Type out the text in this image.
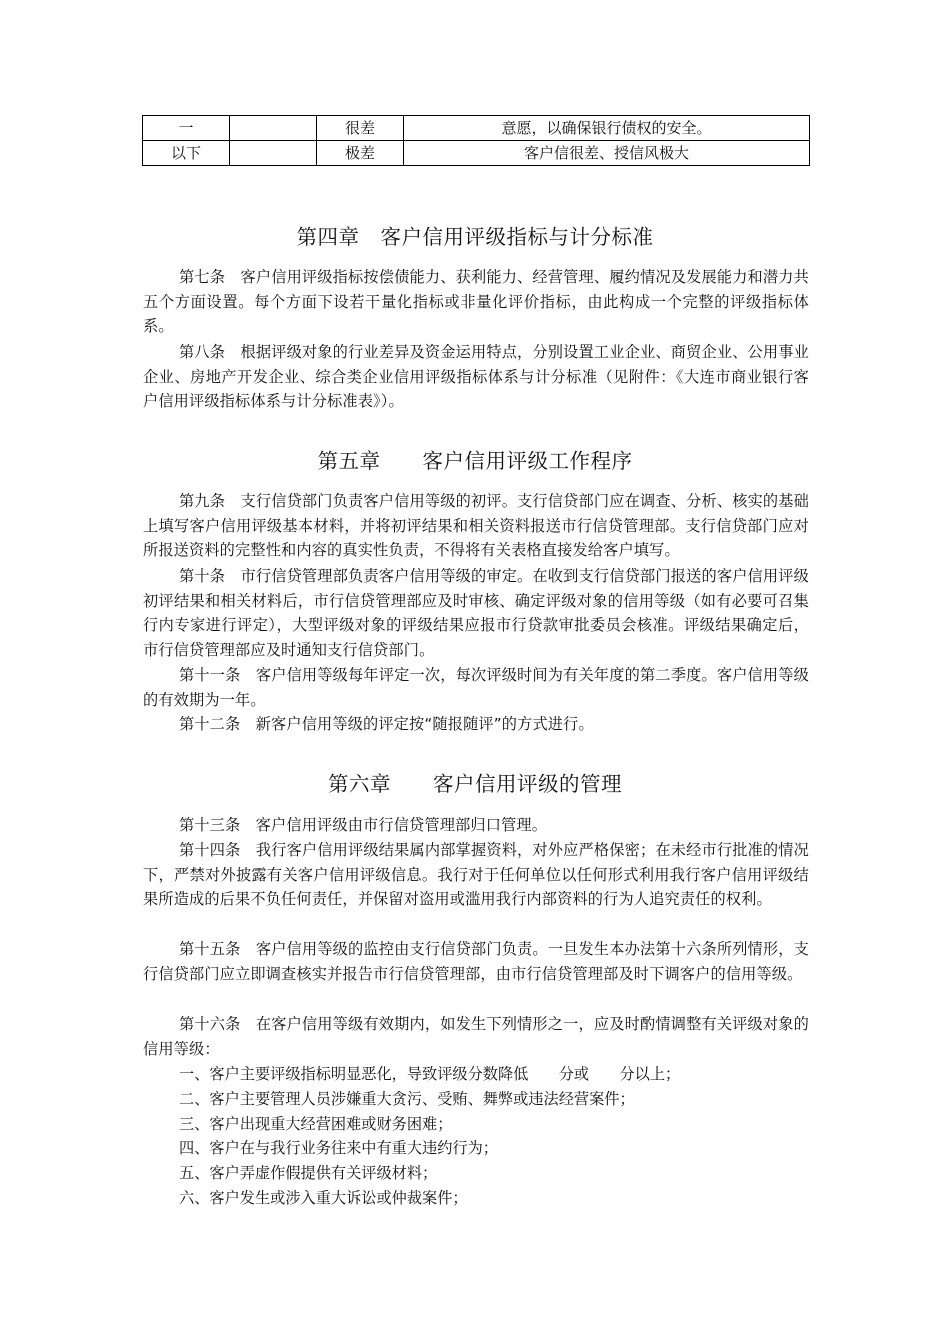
一		很差	意愿，以确保银行债权的安全。
以下		极差	客户信很差、授信风极大
第四章　客户信用评级指标与计分标准

第七条　客户信用评级指标按偿债能力、获利能力、经营管理、履约情况及发展能力和潜力共五个方面设置。每个方面下设若干量化指标或非量化评价指标，由此构成一个完整的评级指标体系。

第八条　根据评级对象的行业差异及资金运用特点，分别设置工业企业、商贸企业、公用事业企业、房地产开发企业、综合类企业信用评级指标体系与计分标准（见附件：《大连市商业银行客户信用评级指标体系与计分标准表》）。

第五章　　客户信用评级工作程序

第九条　支行信贷部门负责客户信用等级的初评。支行信贷部门应在调查、分析、核实的基础上填写客户信用评级基本材料，并将初评结果和相关资料报送市行信贷管理部。支行信贷部门应对所报送资料的完整性和内容的真实性负责，不得将有关表格直接发给客户填写。

第十条　市行信贷管理部负责客户信用等级的审定。在收到支行信贷部门报送的客户信用评级初评结果和相关材料后，市行信贷管理部应及时审核、确定评级对象的信用等级（如有必要可召集行内专家进行评定），大型评级对象的评级结果应报市行贷款审批委员会核准。评级结果确定后，市行信贷管理部应及时通知支行信贷部门。

第十一条　客户信用等级每年评定一次，每次评级时间为有关年度的第二季度。客户信用等级的有效期为一年。

第十二条　新客户信用等级的评定按“随报随评”的方式进行。

第六章　　客户信用评级的管理

第十三条　客户信用评级由市行信贷管理部归口管理。

第十四条　我行客户信用评级结果属内部掌握资料，对外应严格保密；在未经市行批准的情况下，严禁对外披露有关客户信用评级信息。我行对于任何单位以任何形式利用我行客户信用评级结果所造成的后果不负任何责任，并保留对盗用或滥用我行内部资料的行为人追究责任的权利。

第十五条　客户信用等级的监控由支行信贷部门负责。一旦发生本办法第十六条所列情形，支行信贷部门应立即调查核实并报告市行信贷管理部，由市行信贷管理部及时下调客户的信用等级。

第十六条　在客户信用等级有效期内，如发生下列情形之一，应及时酌情调整有关评级对象的信用等级：

一、客户主要评级指标明显恶化，导致评级分数降低　　分或　　分以上；

二、客户主要管理人员涉嫌重大贪污、受贿、舞弊或违法经营案件；

三、客户出现重大经营困难或财务困难；

四、客户在与我行业务往来中有重大违约行为；

五、客户弄虚作假提供有关评级材料；

六、客户发生或涉入重大诉讼或仲裁案件；
